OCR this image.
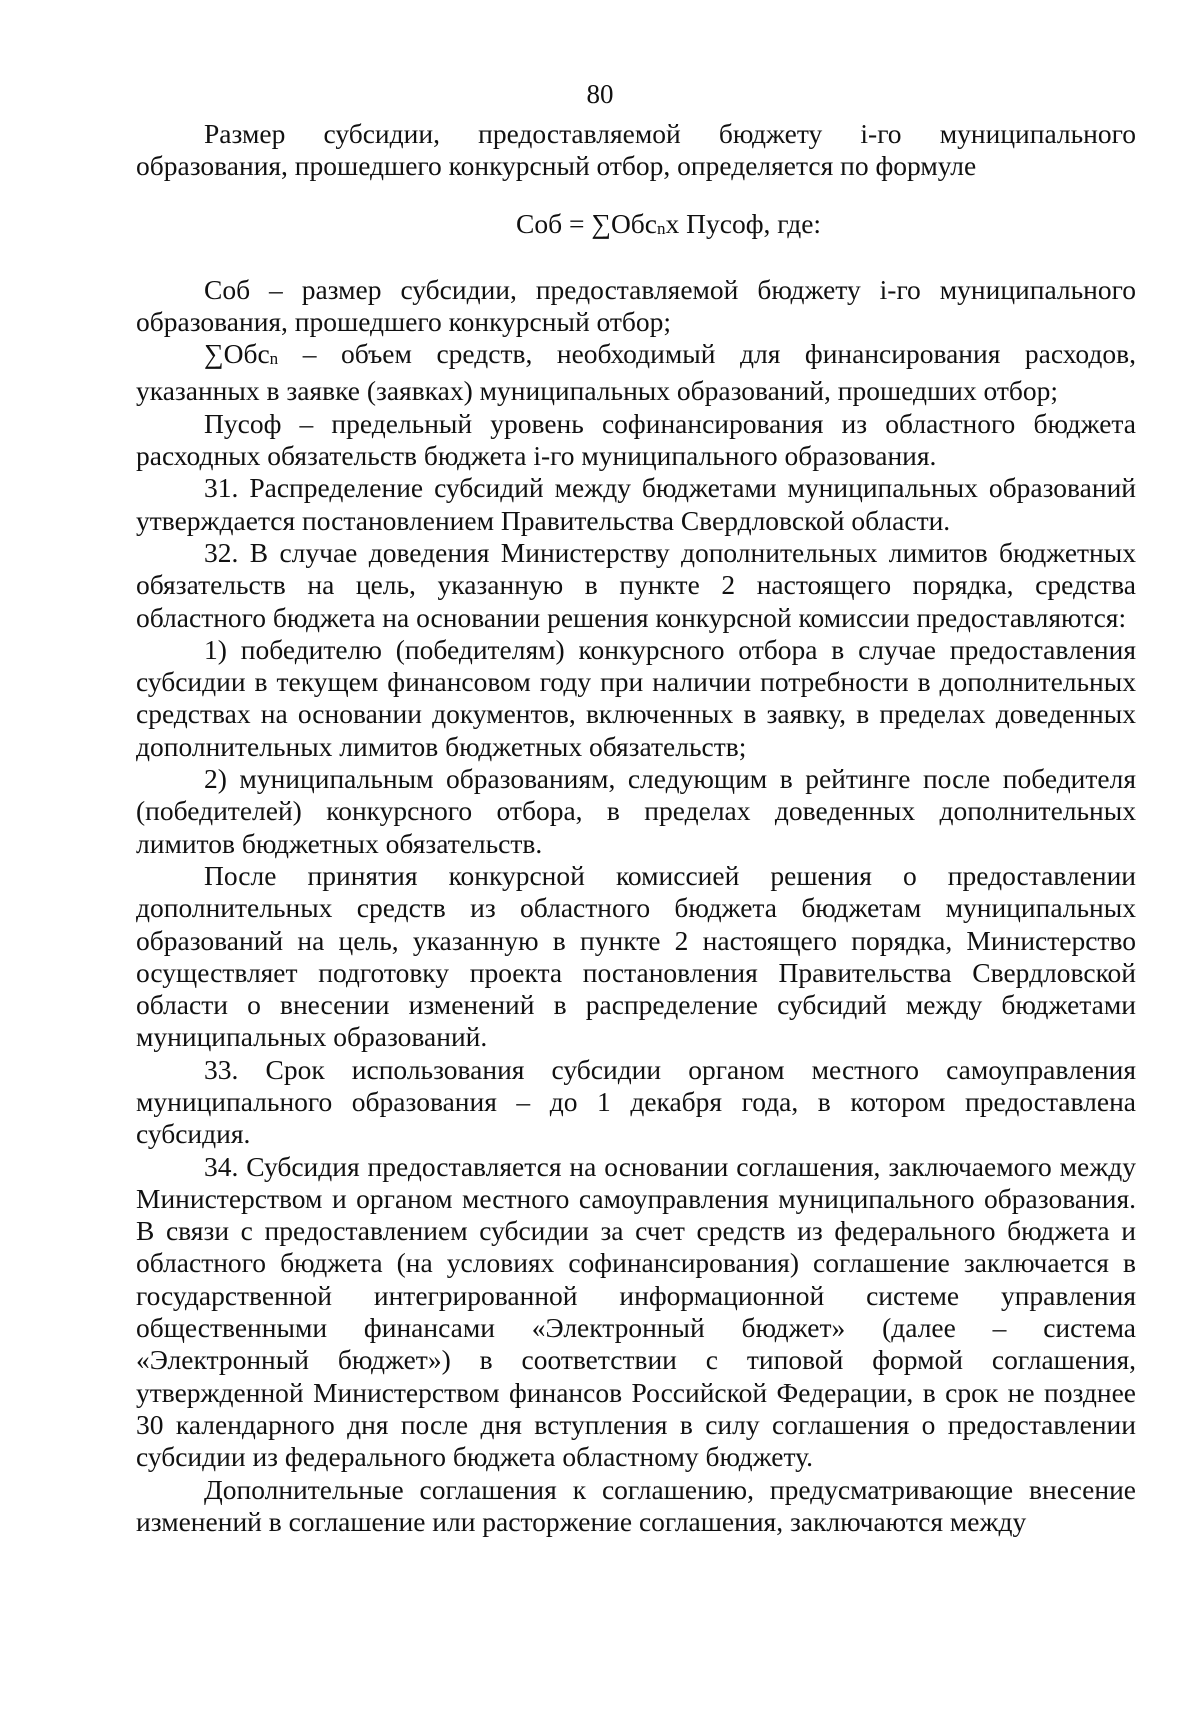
80

Размер субсидии, предоставляемой бюджету i-го муниципального образования, прошедшего конкурсный отбор, определяется по формуле

Соб = ∑Обсnх Пусоф, где:

Соб – размер субсидии, предоставляемой бюджету i-го муниципального образования, прошедшего конкурсный отбор;

∑Обсn – объем средств, необходимый для финансирования расходов, указанных в заявке (заявках) муниципальных образований, прошедших отбор;

Пусоф – предельный уровень софинансирования из областного бюджета расходных обязательств бюджета i-го муниципального образования.

31. Распределение субсидий между бюджетами муниципальных образований утверждается постановлением Правительства Свердловской области.

32. В случае доведения Министерству дополнительных лимитов бюджетных обязательств на цель, указанную в пункте 2 настоящего порядка, средства областного бюджета на основании решения конкурсной комиссии предоставляются:

1) победителю (победителям) конкурсного отбора в случае предоставления субсидии в текущем финансовом году при наличии потребности в дополнительных средствах на основании документов, включенных в заявку, в пределах доведенных дополнительных лимитов бюджетных обязательств;

2) муниципальным образованиям, следующим в рейтинге после победителя (победителей) конкурсного отбора, в пределах доведенных дополнительных лимитов бюджетных обязательств.

После принятия конкурсной комиссией решения о предоставлении дополнительных средств из областного бюджета бюджетам муниципальных образований на цель, указанную в пункте 2 настоящего порядка, Министерство осуществляет подготовку проекта постановления Правительства Свердловской области о внесении изменений в распределение субсидий между бюджетами муниципальных образований.

33. Срок использования субсидии органом местного самоуправления муниципального образования – до 1 декабря года, в котором предоставлена субсидия.

34. Субсидия предоставляется на основании соглашения, заключаемого между Министерством и органом местного самоуправления муниципального образования. В связи с предоставлением субсидии за счет средств из федерального бюджета и областного бюджета (на условиях софинансирования) соглашение заключается в государственной интегрированной информационной системе управления общественными финансами «Электронный бюджет» (далее – система «Электронный бюджет») в соответствии с типовой формой соглашения, утвержденной Министерством финансов Российской Федерации, в срок не позднее 30 календарного дня после дня вступления в силу соглашения о предоставлении субсидии из федерального бюджета областному бюджету.

Дополнительные соглашения к соглашению, предусматривающие внесение изменений в соглашение или расторжение соглашения, заключаются между
